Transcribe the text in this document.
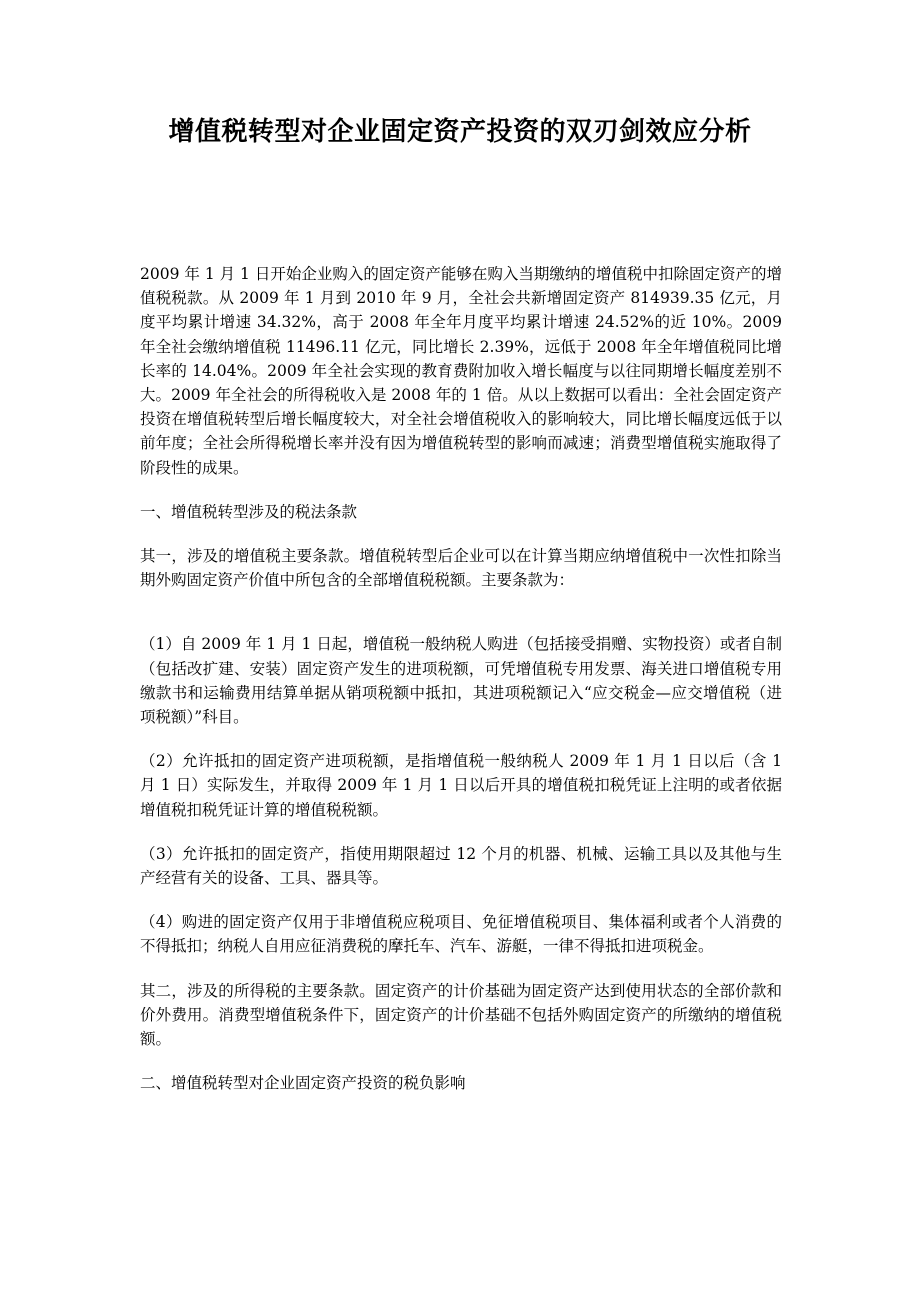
增值税转型对企业固定资产投资的双刃剑效应分析

2009 年 1 月 1 日开始企业购入的固定资产能够在购入当期缴纳的增值税中扣除固定资产的增值税税款。从 2009 年 1 月到 2010 年 9 月，全社会共新增固定资产 814939.35 亿元，月度平均累计增速 34.32%，高于 2008 年全年月度平均累计增速 24.52%的近 10%。2009 年全社会缴纳增值税 11496.11 亿元，同比增长 2.39%，远低于 2008 年全年增值税同比增长率的 14.04%。2009 年全社会实现的教育费附加收入增长幅度与以往同期增长幅度差别不大。2009 年全社会的所得税收入是 2008 年的 1 倍。从以上数据可以看出：全社会固定资产投资在增值税转型后增长幅度较大，对全社会增值税收入的影响较大，同比增长幅度远低于以前年度；全社会所得税增长率并没有因为增值税转型的影响而减速；消费型增值税实施取得了阶段性的成果。

一、增值税转型涉及的税法条款

其一，涉及的增值税主要条款。增值税转型后企业可以在计算当期应纳增值税中一次性扣除当期外购固定资产价值中所包含的全部增值税税额。主要条款为：

（1）自 2009 年 1 月 1 日起，增值税一般纳税人购进（包括接受捐赠、实物投资）或者自制（包括改扩建、安装）固定资产发生的进项税额，可凭增值税专用发票、海关进口增值税专用缴款书和运输费用结算单据从销项税额中抵扣，其进项税额记入“应交税金—应交增值税（进项税额）”科目。

（2）允许抵扣的固定资产进项税额，是指增值税一般纳税人 2009 年 1 月 1 日以后（含 1 月 1 日）实际发生，并取得 2009 年 1 月 1 日以后开具的增值税扣税凭证上注明的或者依据增值税扣税凭证计算的增值税税额。

（3）允许抵扣的固定资产，指使用期限超过 12 个月的机器、机械、运输工具以及其他与生产经营有关的设备、工具、器具等。

（4）购进的固定资产仅用于非增值税应税项目、免征增值税项目、集体福利或者个人消费的不得抵扣；纳税人自用应征消费税的摩托车、汽车、游艇，一律不得抵扣进项税金。

其二，涉及的所得税的主要条款。固定资产的计价基础为固定资产达到使用状态的全部价款和价外费用。消费型增值税条件下，固定资产的计价基础不包括外购固定资产的所缴纳的增值税额。

二、增值税转型对企业固定资产投资的税负影响
